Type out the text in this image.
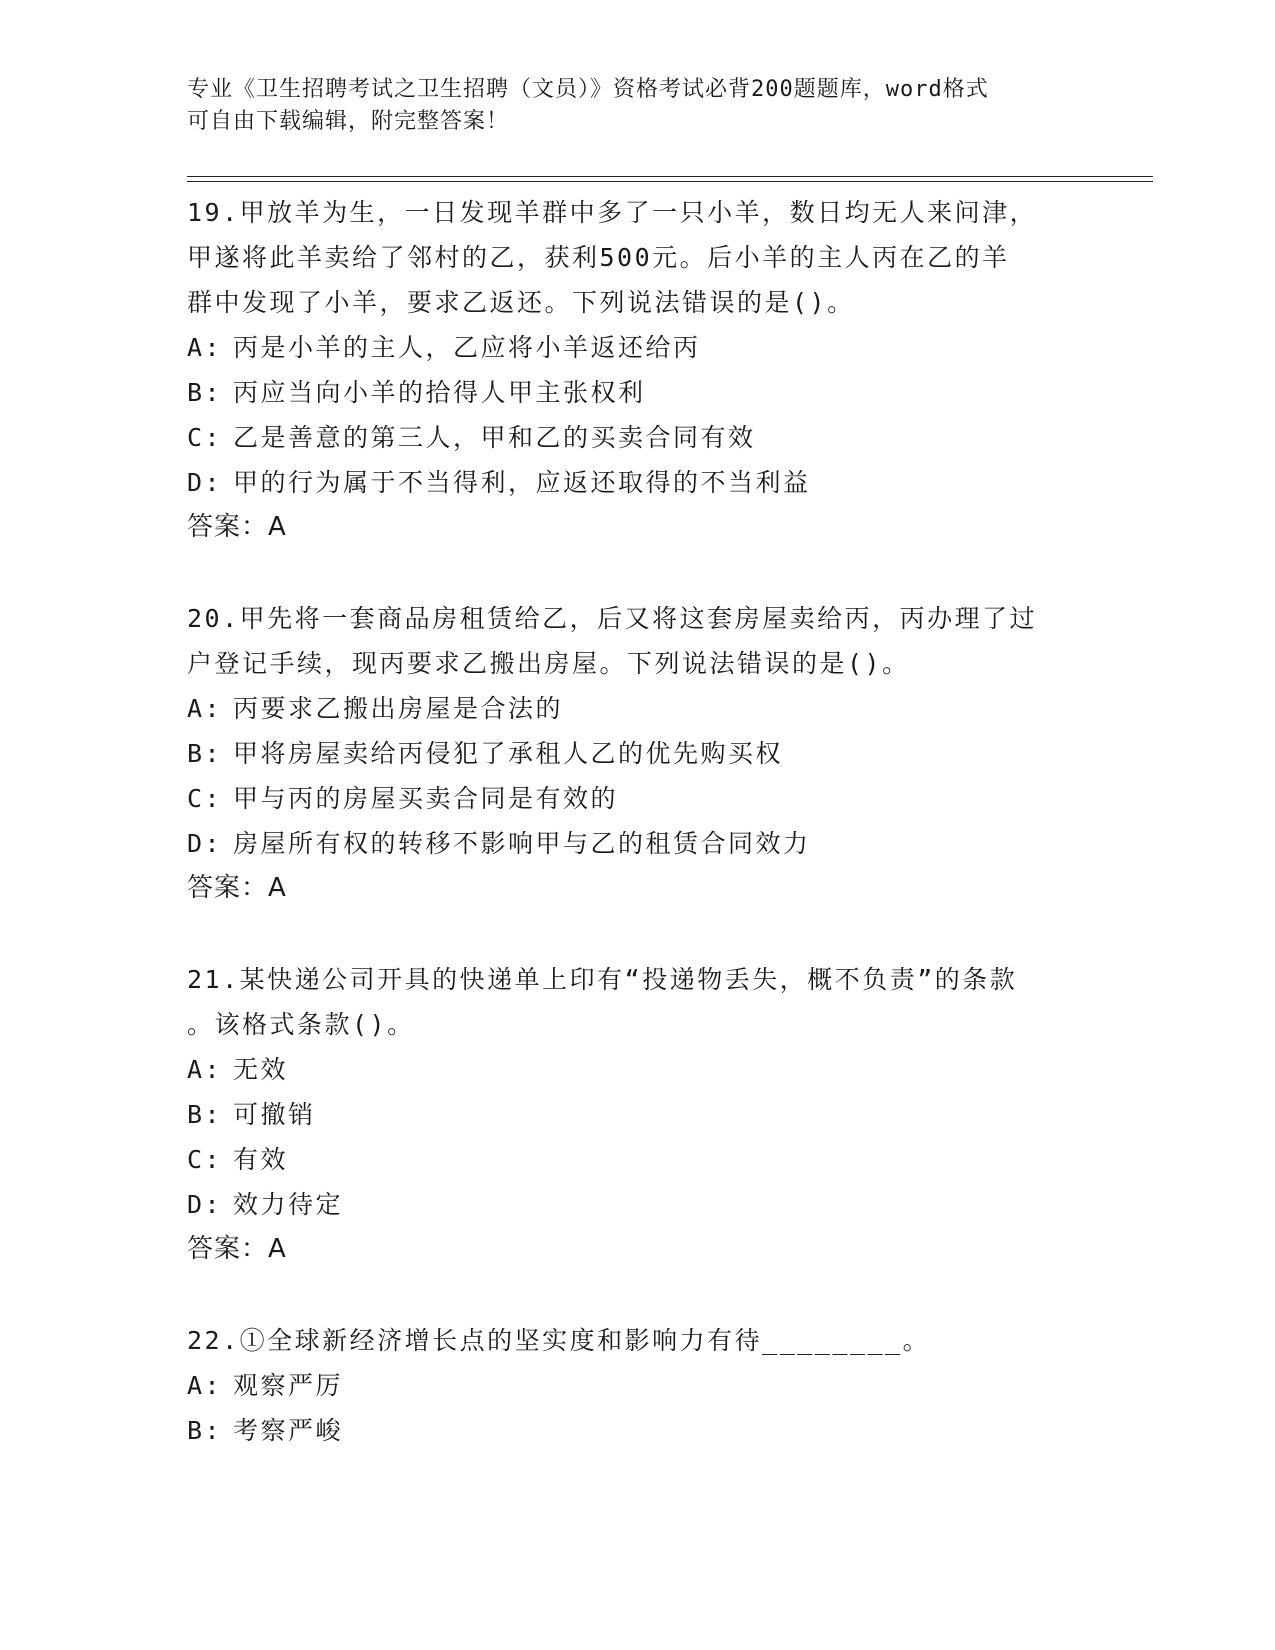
专业《卫生招聘考试之卫生招聘（文员）》资格考试必背200题题库，word格式
可自由下载编辑，附完整答案！
19.甲放羊为生，一日发现羊群中多了一只小羊，数日均无人来问津，
甲遂将此羊卖给了邻村的乙，获利500元。后小羊的主人丙在乙的羊
群中发现了小羊，要求乙返还。下列说法错误的是()。
A: 丙是小羊的主人，乙应将小羊返还给丙
B: 丙应当向小羊的拾得人甲主张权利
C: 乙是善意的第三人，甲和乙的买卖合同有效
D: 甲的行为属于不当得利，应返还取得的不当利益
答案：A
20.甲先将一套商品房租赁给乙，后又将这套房屋卖给丙，丙办理了过
户登记手续，现丙要求乙搬出房屋。下列说法错误的是()。
A: 丙要求乙搬出房屋是合法的
B: 甲将房屋卖给丙侵犯了承租人乙的优先购买权
C: 甲与丙的房屋买卖合同是有效的
D: 房屋所有权的转移不影响甲与乙的租赁合同效力
答案：A
21.某快递公司开具的快递单上印有“投递物丢失，概不负责”的条款
。该格式条款()。
A: 无效
B: 可撤销
C: 有效
D: 效力待定
答案：A
22.①全球新经济增长点的坚实度和影响力有待________。
A: 观察严厉
B: 考察严峻
